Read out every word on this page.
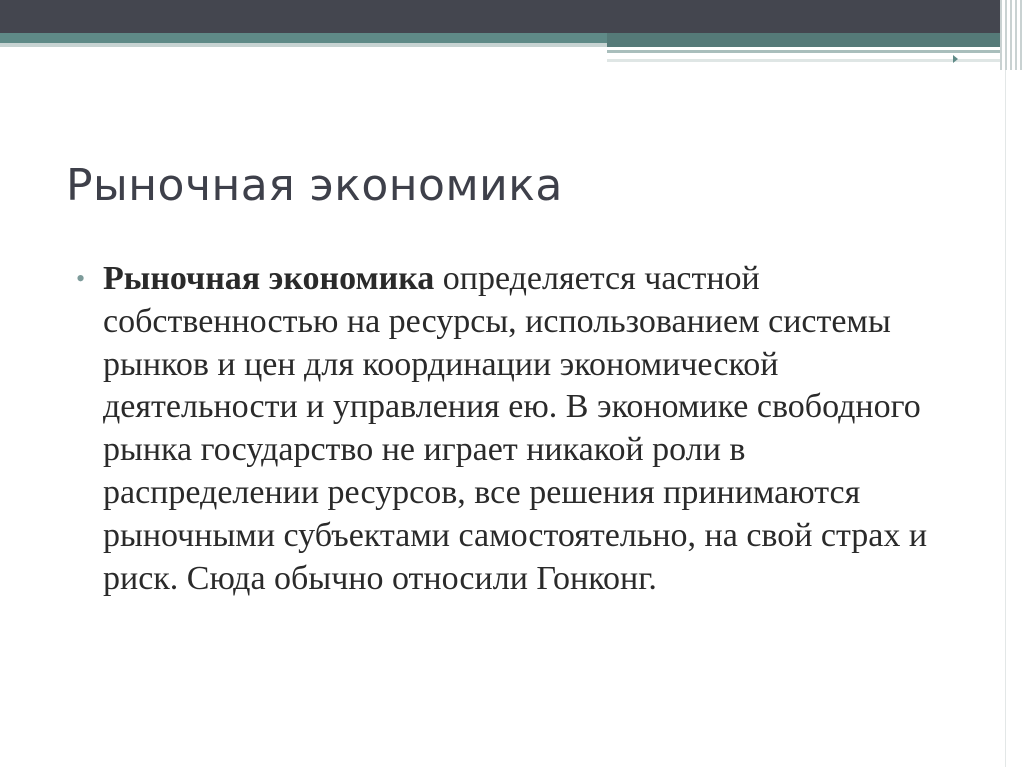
Рыночная экономика
• Рыночная экономика определяется частной собственностью на ресурсы, использованием системы рынков и цен для координации экономической деятельности и управления ею. В экономике свободного рынка государство не играет никакой роли в распределении ресурсов, все решения принимаются рыночными субъектами самостоятельно, на свой страх и риск. Сюда обычно относили Гонконг.
